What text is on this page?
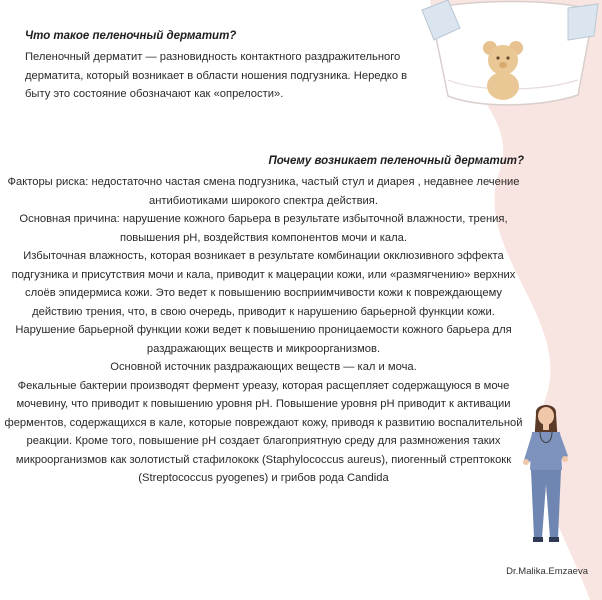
Что такое пеленочный дерматит?
Пеленочный дерматит — разновидность контактного раздражительного дерматита, который возникает в области ношения подгузника. Нередко в быту это состояние обозначают как «опрелости».
Почему возникает пеленочный дерматит?

Факторы риска: недостаточно частая смена подгузника, частый стул и диарея , недавнее лечение антибиотиками широкого спектра действия.

Основная причина: нарушение кожного барьера в результате избыточной влажности, трения, повышения pH, воздействия компонентов мочи и кала.

Избыточная влажность, которая возникает в результате комбинации окклюзивного эффекта подгузника и присутствия мочи и кала, приводит к мацерации кожи, или «размягчению» верхних слоёв эпидермиса кожи. Это ведет к повышению восприимчивости кожи к повреждающему действию трения, что, в свою очередь, приводит к нарушению барьерной функции кожи. Нарушение барьерной функции кожи ведет к повышению проницаемости кожного барьера для раздражающих веществ и микроорганизмов.

Основной источник раздражающих веществ — кал и моча.

Фекальные бактерии производят фермент уреазу, которая расщепляет содержащуюся в моче мочевину, что приводит к повышению уровня pH. Повышение уровня pH приводит к активации ферментов, содержащихся в кале, которые повреждают кожу, приводя к развитию воспалительной реакции. Кроме того, повышение pH создает благоприятную среду для размножения таких микроорганизмов как золотистый стафилококк (Staphylococcus aureus), пиогенный стрептококк (Streptococcus pyogenes) и грибов рода Candida

Dr.Malika.Emzaeva
